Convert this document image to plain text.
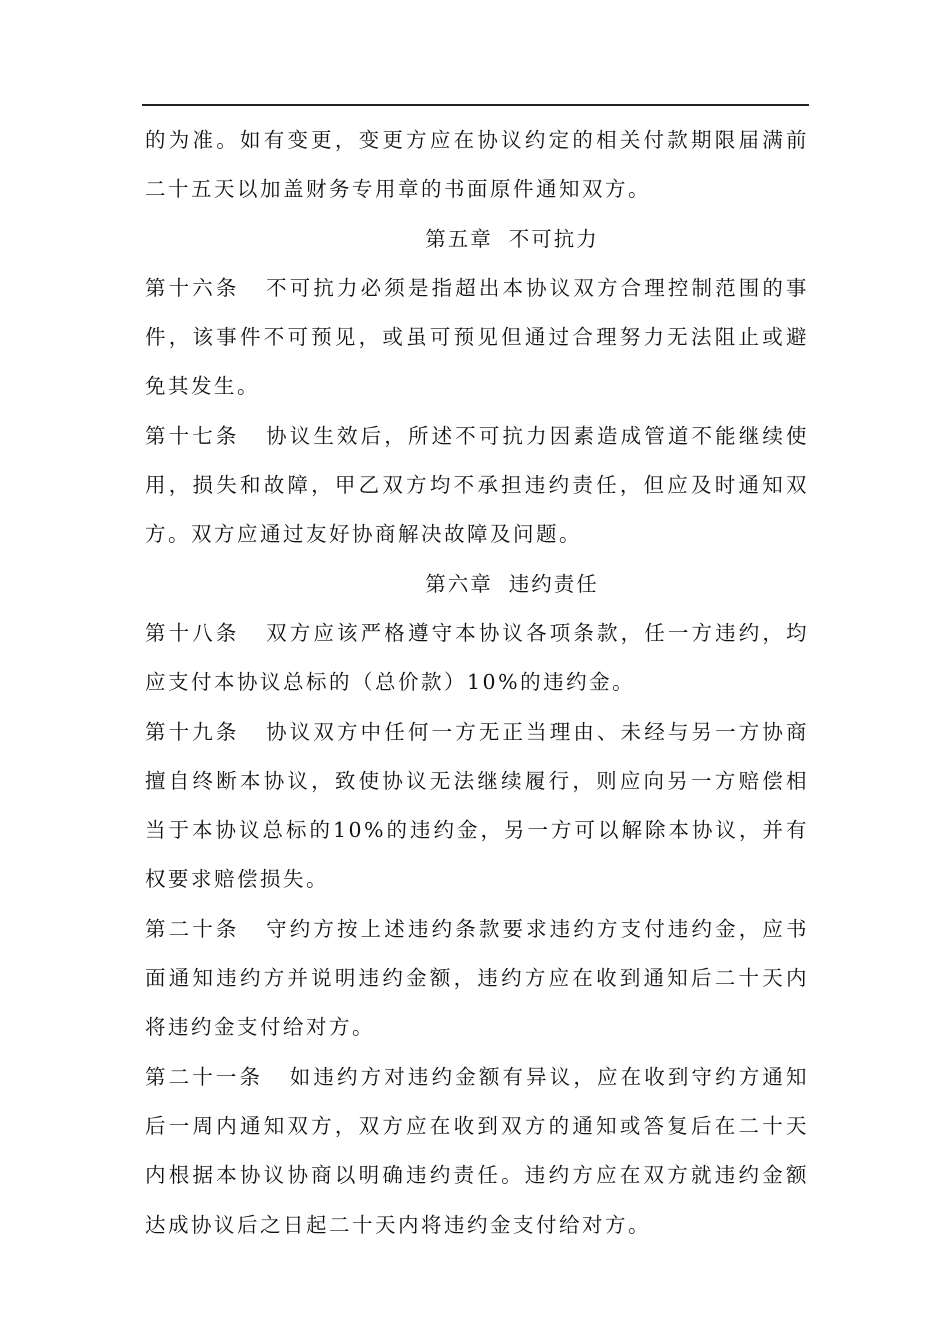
的为准。如有变更，变更方应在协议约定的相关付款期限届满前二十五天以加盖财务专用章的书面原件通知双方。

第五章 不可抗力

第十六条 不可抗力必须是指超出本协议双方合理控制范围的事件，该事件不可预见，或虽可预见但通过合理努力无法阻止或避免其发生。

第十七条 协议生效后，所述不可抗力因素造成管道不能继续使用，损失和故障，甲乙双方均不承担违约责任，但应及时通知双方。双方应通过友好协商解决故障及问题。

第六章 违约责任

第十八条 双方应该严格遵守本协议各项条款，任一方违约，均应支付本协议总标的（总价款）10%的违约金。

第十九条 协议双方中任何一方无正当理由、未经与另一方协商擅自终断本协议，致使协议无法继续履行，则应向另一方赔偿相当于本协议总标的10%的违约金，另一方可以解除本协议，并有权要求赔偿损失。

第二十条 守约方按上述违约条款要求违约方支付违约金，应书面通知违约方并说明违约金额，违约方应在收到通知后二十天内将违约金支付给对方。

第二十一条 如违约方对违约金额有异议，应在收到守约方通知后一周内通知双方，双方应在收到双方的通知或答复后在二十天内根据本协议协商以明确违约责任。违约方应在双方就违约金额达成协议后之日起二十天内将违约金支付给对方。
